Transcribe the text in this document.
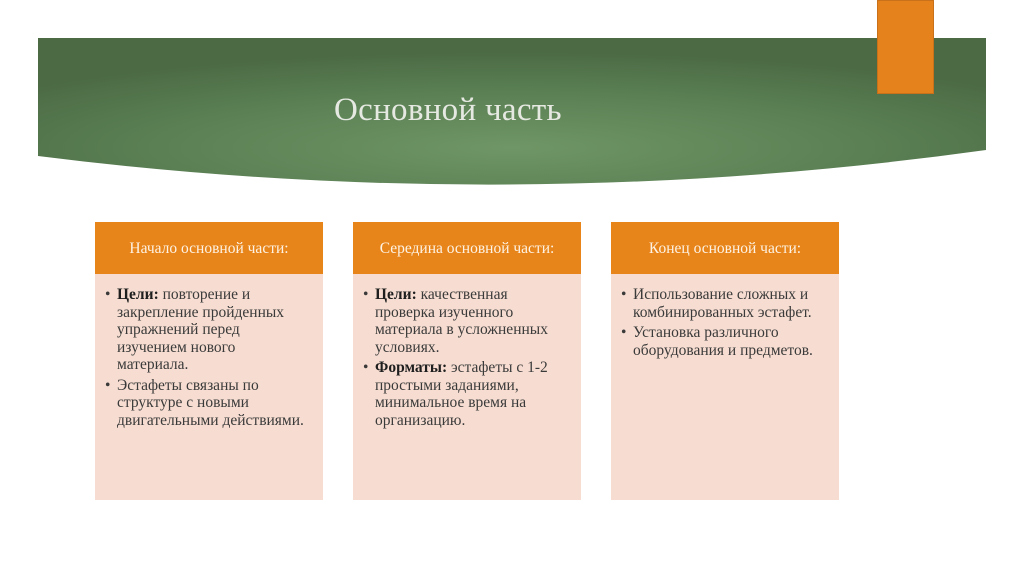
Основной часть
Начало основной части:
• Цели: повторение и закрепление пройденных упражнений перед изучением нового материала.
• Эстафеты связаны по структуре с новыми двигательными действиями.
Середина основной части:
• Цели: качественная проверка изученного материала в усложненных условиях.
• Форматы: эстафеты с 1-2 простыми заданиями, минимальное время на организацию.
Конец основной части:
• Использование сложных и комбинированных эстафет.
• Установка различного оборудования и предметов.
